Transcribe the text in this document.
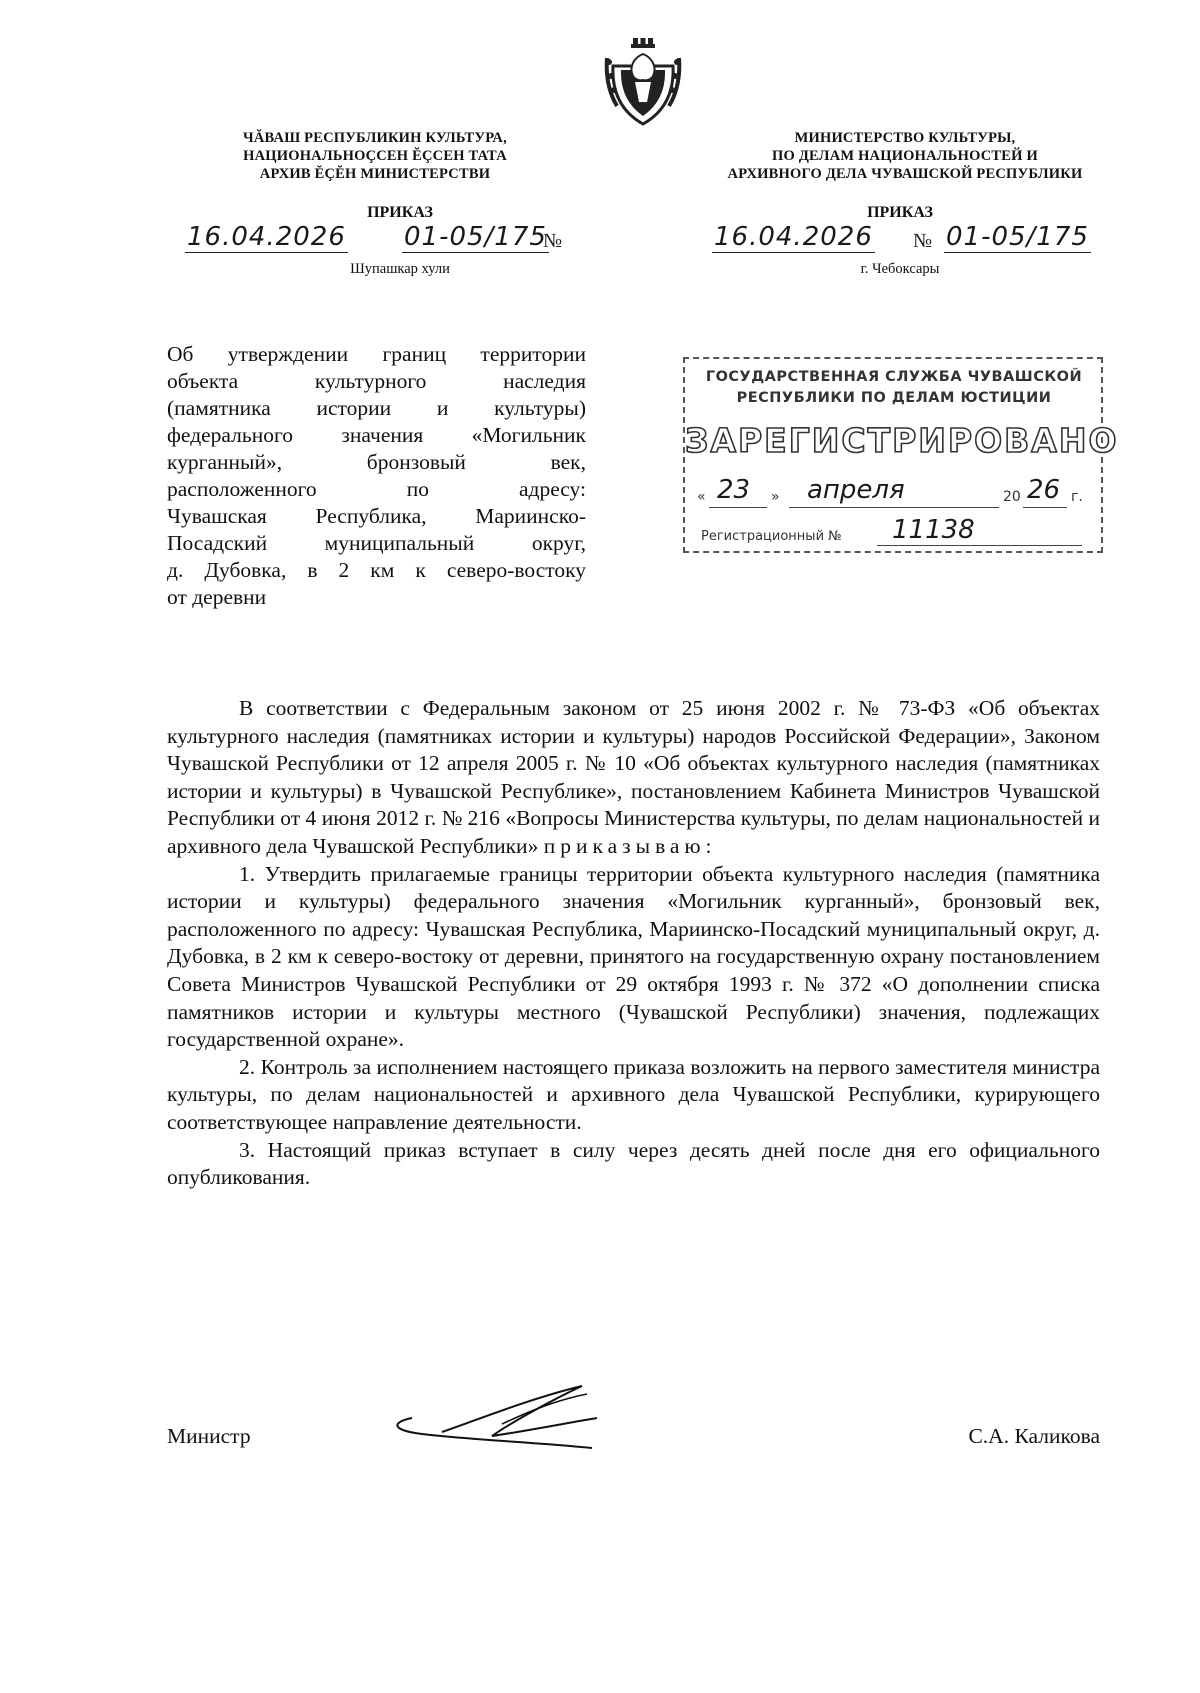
ЧĂВАШ РЕСПУБЛИКИН КУЛЬТУРА,
НАЦИОНАЛЬНОÇСЕН ĔÇСЕН ТАТА
АРХИВ ĔÇĔН МИНИСТЕРСТВИ
МИНИСТЕРСТВО КУЛЬТУРЫ,
ПО ДЕЛАМ НАЦИОНАЛЬНОСТЕЙ И
АРХИВНОГО ДЕЛА ЧУВАШСКОЙ РЕСПУБЛИКИ
ПРИКАЗ	ПРИКАЗ
16.04.2026 01-05/175
№	16.04.2026 № 01-05/175
Шупашкар хули	г. Чебоксары
Об утверждении границ территории
объекта культурного наследия
(памятника истории и культуры)
федерального значения «Могильник
курганный», бронзовый век,
расположенного по адресу:
Чувашская Республика, Мариинско-
Посадский муниципальный округ,
д. Дубовка, в 2 км к северо-востоку
от деревни
ГОСУДАРСТВЕННАЯ СЛУЖБА ЧУВАШСКОЙ
РЕСПУБЛИКИ ПО ДЕЛАМ ЮСТИЦИИ
ЗАРЕГИСТРИРОВАНО
« 23 » апреля	20 26 г.
Регистрационный № 11138

В соответствии с Федеральным законом от 25 июня 2002 г. № 73-ФЗ «Об объектах культурного наследия (памятниках истории и культуры) народов Российской Федерации», Законом Чувашской Республики от 12 апреля 2005 г. № 10 «Об объектах культурного наследия (памятниках истории и культуры) в Чувашской Республике», постановлением Кабинета Министров Чувашской Республики от 4 июня 2012 г. № 216 «Вопросы Министерства культуры, по делам национальностей и архивного дела Чувашской Республики» приказываю:

1. Утвердить прилагаемые границы территории объекта культурного наследия (памятника истории и культуры) федерального значения «Могильник курганный», бронзовый век, расположенного по адресу: Чувашская Республика, Мариинско-Посадский муниципальный округ, д. Дубовка, в 2 км к северо-востоку от деревни, принятого на государственную охрану постановлением Совета Министров Чувашской Республики от 29 октября 1993 г. № 372 «О дополнении списка памятников истории и культуры местного (Чувашской Республики) значения, подлежащих государственной охране».

2. Контроль за исполнением настоящего приказа возложить на первого заместителя министра культуры, по делам национальностей и архивного дела Чувашской Республики, курирующего соответствующее направление деятельности.

3. Настоящий приказ вступает в силу через десять дней после дня его официального опубликования.

Министр	С.А. Каликова
